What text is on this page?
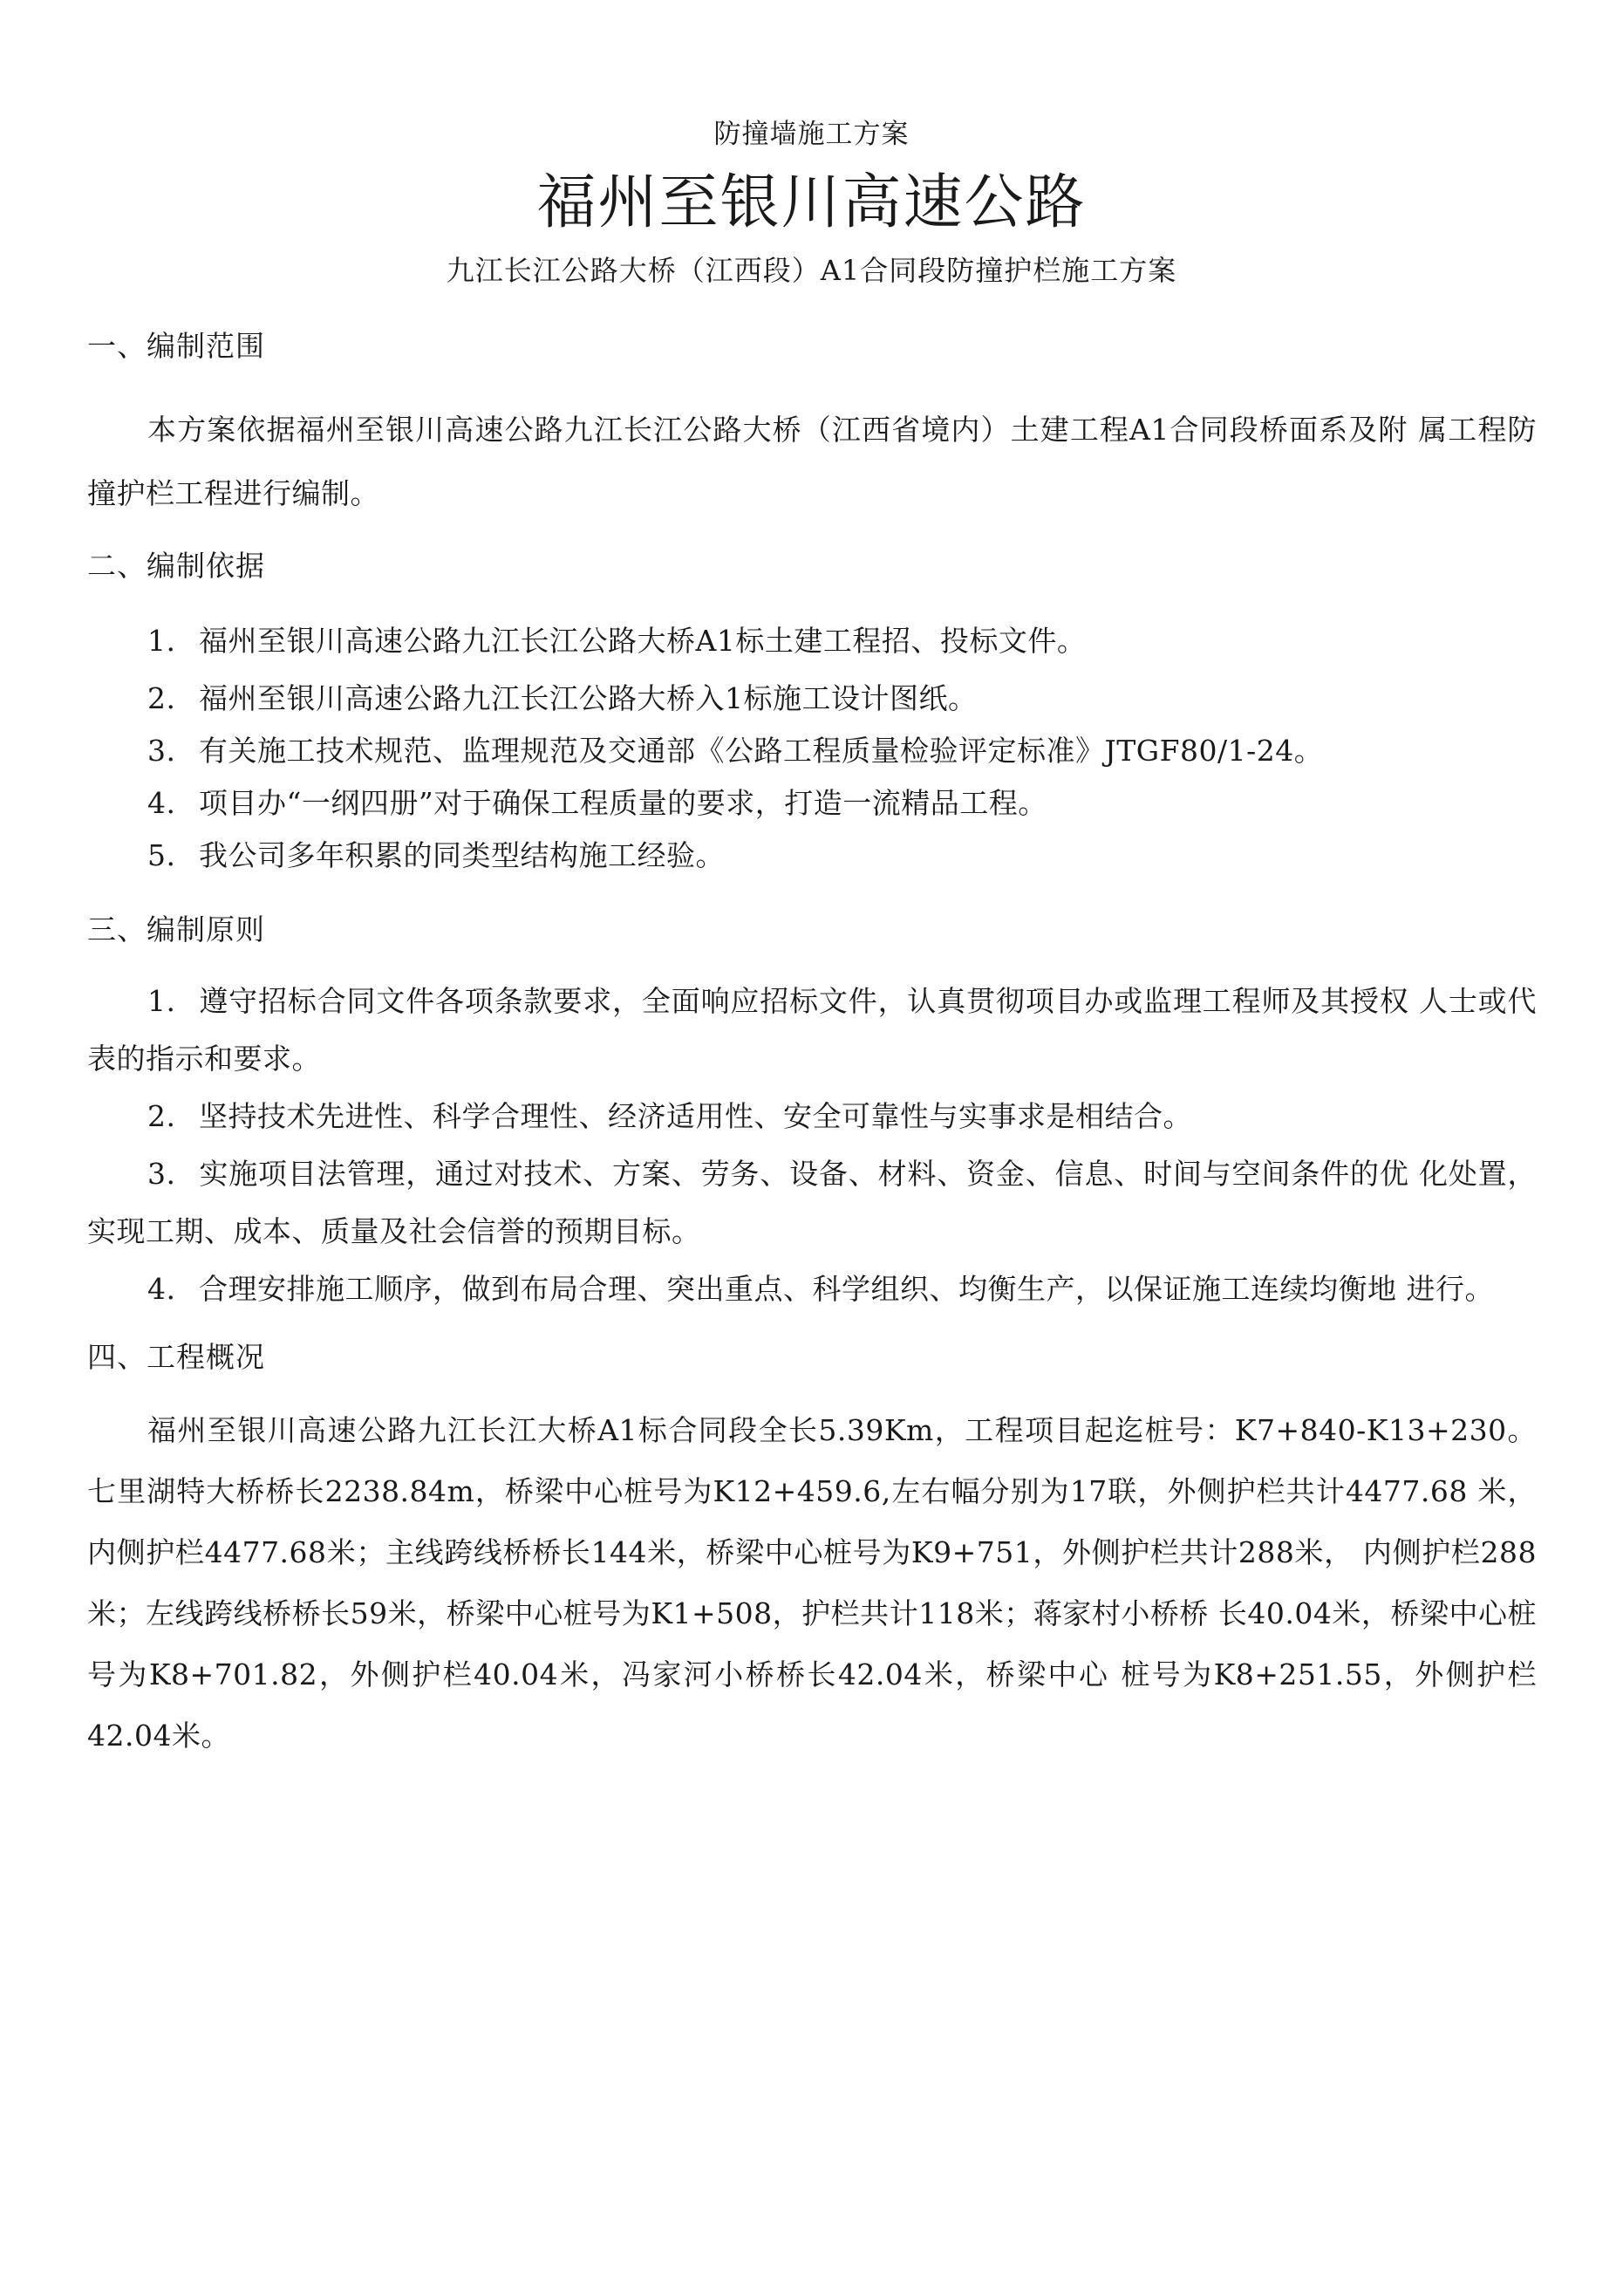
防撞墙施工方案
福州至银川高速公路
九江长江公路大桥（江西段）A1合同段防撞护栏施工方案

一、编制范围

本方案依据福州至银川高速公路九江长江公路大桥（江西省境内）土建工程A1合同段桥面系及附 属工程防撞护栏工程进行编制。

二、编制依据

1. 福州至银川高速公路九江长江公路大桥A1标土建工程招、投标文件。

2. 福州至银川高速公路九江长江公路大桥入1标施工设计图纸。

3. 有关施工技术规范、监理规范及交通部《公路工程质量检验评定标准》JTGF80/1-24。

4. 项目办“一纲四册”对于确保工程质量的要求，打造一流精品工程。

5. 我公司多年积累的同类型结构施工经验。

三、编制原则

1. 遵守招标合同文件各项条款要求，全面响应招标文件，认真贯彻项目办或监理工程师及其授权 人士或代表的指示和要求。

2. 坚持技术先进性、科学合理性、经济适用性、安全可靠性与实事求是相结合。

3. 实施项目法管理，通过对技术、方案、劳务、设备、材料、资金、信息、时间与空间条件的优 化处置，实现工期、成本、质量及社会信誉的预期目标。

4. 合理安排施工顺序，做到布局合理、突出重点、科学组织、均衡生产，以保证施工连续均衡地 进行。

四、工程概况

福州至银川高速公路九江长江大桥A1标合同段全长5.39Km，工程项目起迄桩号：K7+840-K13+230。七里湖特大桥桥长2238.84m，桥梁中心桩号为K12+459.6,左右幅分别为17联，外侧护栏共计4477.68 米，内侧护栏4477.68米；主线跨线桥桥长144米，桥梁中心桩号为K9+751，外侧护栏共计288米， 内侧护栏288米；左线跨线桥桥长59米，桥梁中心桩号为K1+508，护栏共计118米；蒋家村小桥桥 长40.04米，桥梁中心桩号为K8+701.82，外侧护栏40.04米，冯家河小桥桥长42.04米，桥梁中心 桩号为K8+251.55，外侧护栏42.04米。
